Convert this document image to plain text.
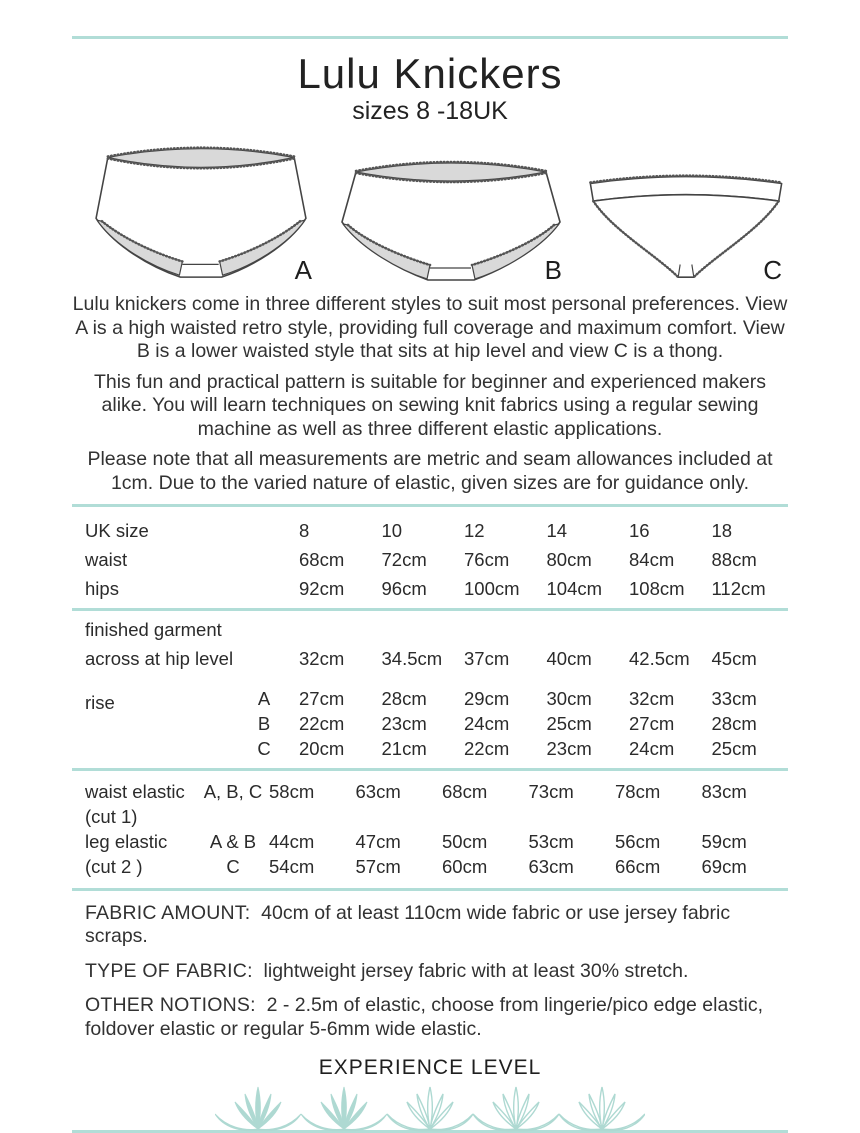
Lulu Knickers
sizes 8 -18UK
A	B	C

Lulu knickers come in three different styles to suit most personal preferences. View A is a high waisted retro style, providing full coverage and maximum comfort. View B is a lower waisted style that sits at hip level and view C is a thong.

This fun and practical pattern is suitable for beginner and experienced makers alike. You will learn techniques on sewing knit fabrics using a regular sewing machine as well as three different elastic applications.

Please note that all measurements are metric and seam allowances included at 1cm. Due to the varied nature of elastic, given sizes are for guidance only.

UK size	8	10	12	14	16	18
waist	68cm	72cm	76cm	80cm	84cm	88cm
hips	92cm	96cm	100cm	104cm	108cm	112cm
finished garment
across at hip level	32cm	34.5cm	37cm	40cm	42.5cm	45cm
rise	A	27cm	28cm	29cm	30cm	32cm	33cm
B	22cm	23cm	24cm	25cm	27cm	28cm
C	20cm	21cm	22cm	23cm	24cm	25cm
waist elastic	A, B, C 58cm	63cm	68cm	73cm	78cm	83cm
(cut 1)
leg elastic	A & B 44cm	47cm	50cm	53cm	56cm	59cm
(cut 2 )	C	54cm	57cm	60cm	63cm	66cm	69cm
FABRIC AMOUNT: 40cm of at least 110cm wide fabric or use jersey fabric scraps.
TYPE OF FABRIC: lightweight jersey fabric with at least 30% stretch.
OTHER NOTIONS: 2 - 2.5m of elastic, choose from lingerie/pico edge elastic, foldover elastic or regular 5-6mm wide elastic.
EXPERIENCE LEVEL
